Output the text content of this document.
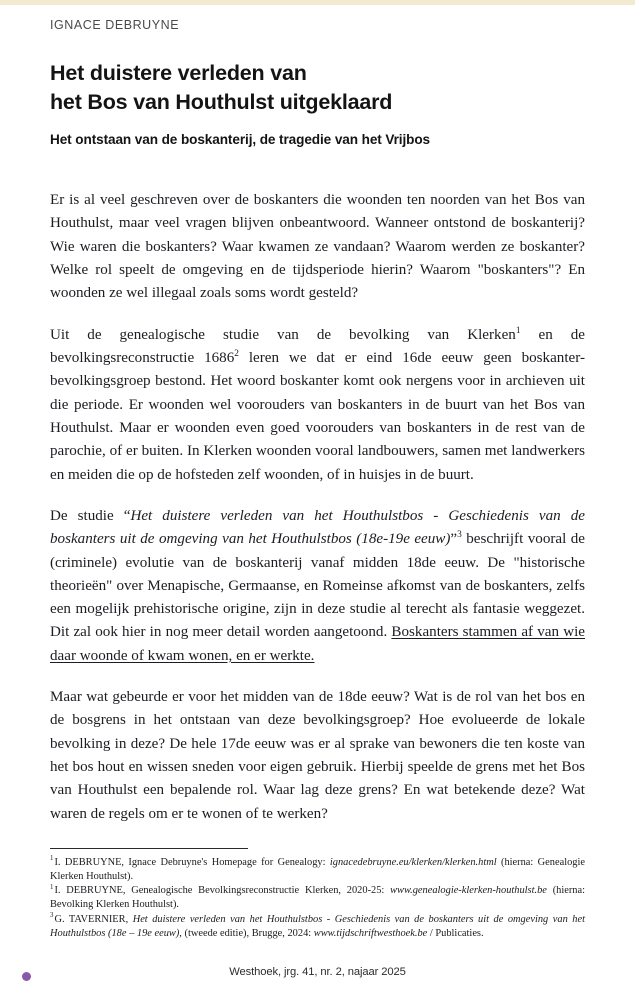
IGNACE DEBRUYNE
Het duistere verleden van
het Bos van Houthulst uitgeklaard
Het ontstaan van de boskanterij, de tragedie van het Vrijbos

Er is al veel geschreven over de boskanters die woonden ten noorden van het Bos van Houthulst, maar veel vragen blijven onbeantwoord. Wanneer ontstond de boskanterij? Wie waren die boskanters? Waar kwamen ze vandaan? Waarom werden ze boskanter? Welke rol speelt de omgeving en de tijdsperiode hierin? Waarom "boskanters"? En woonden ze wel illegaal zoals soms wordt gesteld?

Uit de genealogische studie van de bevolking van Klerken$^1$ en de bevolkingsreconstructie 1686$^2$ leren we dat er eind 16de eeuw geen boskanter-bevolkingsgroep bestond. Het woord boskanter komt ook nergens voor in archieven uit die periode. Er woonden wel voorouders van boskanters in de buurt van het Bos van Houthulst. Maar er woonden even goed voorouders van boskanters in de rest van de parochie, of er buiten. In Klerken woonden vooral landbouwers, samen met landwerkers en meiden die op de hofsteden zelf woonden, of in huisjes in de buurt.

De studie “Het duistere verleden van het Houthulstbos - Geschiedenis van de boskanters uit de omgeving van het Houthulstbos (18e-19e eeuw)”$^3$ beschrijft vooral de (criminele) evolutie van de boskanterij vanaf midden 18de eeuw. De "historische theorieën" over Menapische, Germaanse, en Romeinse afkomst van de boskanters, zelfs een mogelijk prehistorische origine, zijn in deze studie al terecht als fantasie weggezet. Dit zal ook hier in nog meer detail worden aangetoond. Boskanters stammen af van wie daar woonde of kwam wonen, en er werkte.

Maar wat gebeurde er voor het midden van de 18de eeuw? Wat is de rol van het bos en de bosgrens in het ontstaan van deze bevolkingsgroep? Hoe evolueerde de lokale bevolking in deze? De hele 17de eeuw was er al sprake van bewoners die ten koste van het bos hout en wissen sneden voor eigen gebruik. Hierbij speelde de grens met het Bos van Houthulst een bepalende rol. Waar lag deze grens? En wat betekende deze? Wat waren de regels om er te wonen of te werken?

$^1$I. DEBRUYNE, Ignace Debruyne's Homepage for Genealogy: ignacedebruyne.eu/klerken/klerken.html (hierna: Genealogie Klerken Houthulst).

$^1$I. DEBRUYNE, Genealogische Bevolkingsreconstructie Klerken, 2020-25: www.genealogie-klerken-houthulst.be (hierna: Bevolking Klerken Houthulst).

$^3$G. TAVERNIER, Het duistere verleden van het Houthulstbos - Geschiedenis van de boskanters uit de omgeving van het Houthulstbos (18e – 19e eeuw), (tweede editie), Brugge, 2024: www.tijdschriftwesthoek.be / Publicaties.

Westhoek, jrg. 41, nr. 2, najaar 2025
